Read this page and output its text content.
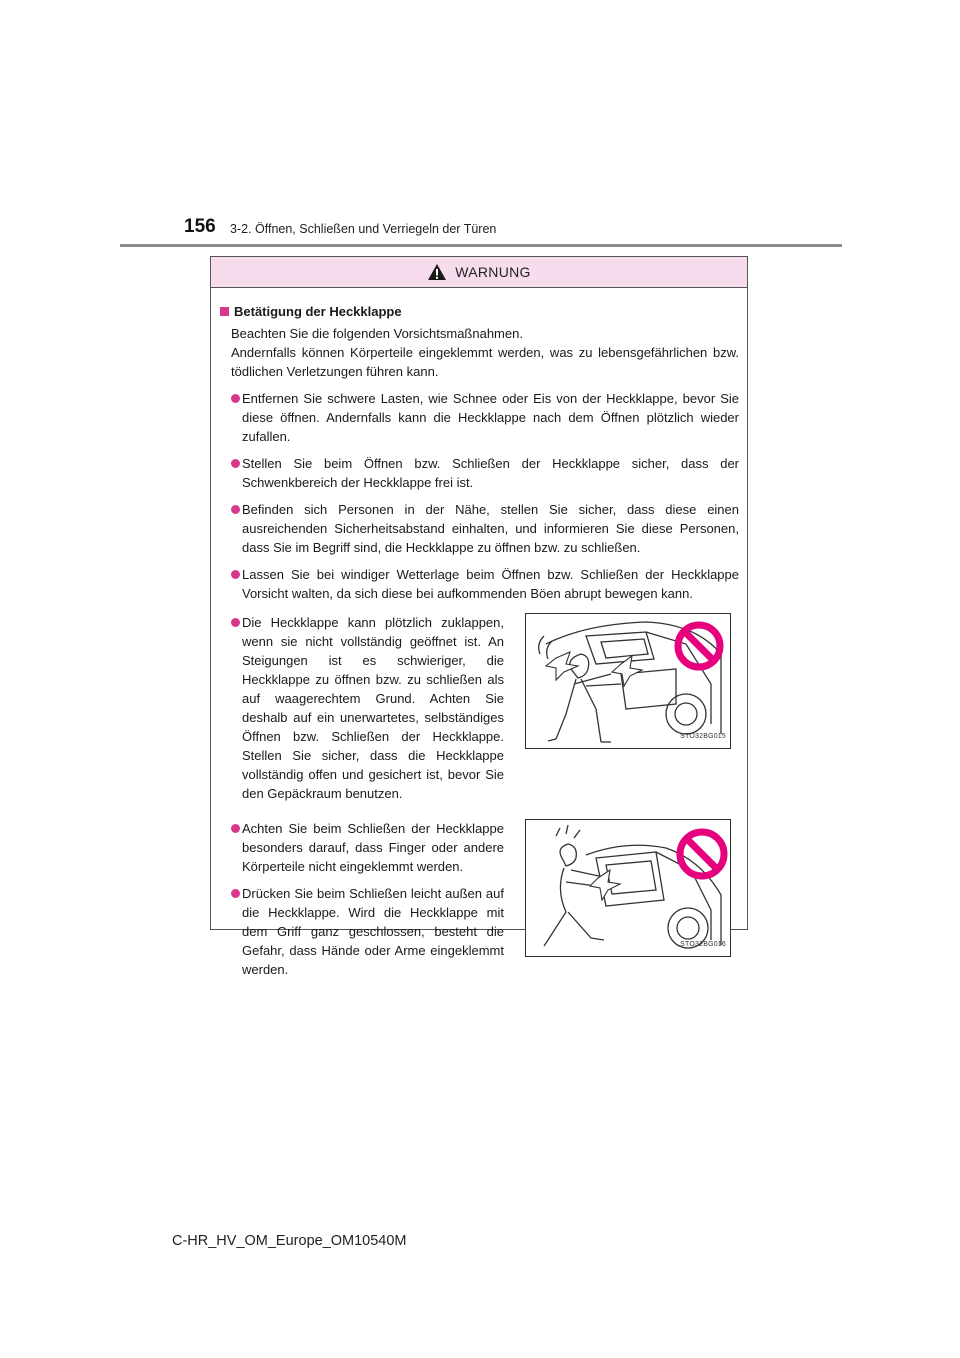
156 3-2. Öffnen, Schließen und Verriegeln der Türen
WARNUNG
Betätigung der Heckklappe

Beachten Sie die folgenden Vorsichtsmaßnahmen.

Andernfalls können Körperteile eingeklemmt werden, was zu lebensgefährlichen bzw. tödlichen Verletzungen führen kann.

Entfernen Sie schwere Lasten, wie Schnee oder Eis von der Heckklappe, bevor Sie diese öffnen. Andernfalls kann die Heckklappe nach dem Öffnen plötzlich wieder zufallen.
Stellen Sie beim Öffnen bzw. Schließen der Heckklappe sicher, dass der Schwenkbereich der Heckklappe frei ist.
Befinden sich Personen in der Nähe, stellen Sie sicher, dass diese einen ausreichenden Sicherheitsabstand einhalten, und informieren Sie diese Personen, dass Sie im Begriff sind, die Heckklappe zu öffnen bzw. zu schließen.
Lassen Sie bei windiger Wetterlage beim Öffnen bzw. Schließen der Heckklappe Vorsicht walten, da sich diese bei aufkommenden Böen abrupt bewegen kann.
Die Heckklappe kann plötzlich zuklappen, wenn sie nicht vollständig geöffnet ist. An Steigungen ist es schwieriger, die Heckklappe zu öffnen bzw. zu schließen als auf waagerechtem Grund. Achten Sie deshalb auf ein unerwartetes, selbständiges Öffnen bzw. Schließen der Heckklappe. Stellen Sie sicher, dass die Heckklappe vollständig offen und gesichert ist, bevor Sie den Gepäckraum benutzen.
STO32BG015
Achten Sie beim Schließen der Heckklappe besonders darauf, dass Finger oder andere Körperteile nicht eingeklemmt werden.
Drücken Sie beim Schließen leicht außen auf die Heckklappe. Wird die Heckklappe mit dem Griff ganz geschlossen, besteht die Gefahr, dass Hände oder Arme eingeklemmt werden.
STO32BG016
C-HR_HV_OM_Europe_OM10540M
